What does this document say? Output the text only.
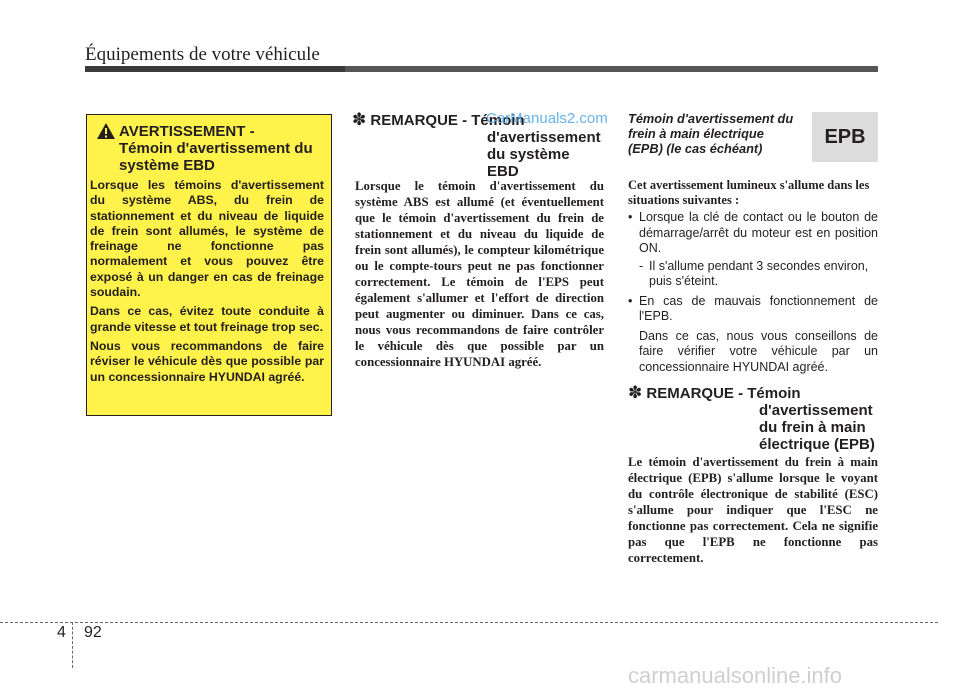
Équipements de votre véhicule
AVERTISSEMENT -
Témoin d'avertissement du
système EBD

Lorsque les témoins d'avertissement du système ABS, du frein de stationnement et du niveau de liquide de frein sont allumés, le système de freinage ne fonctionne pas normalement et vous pouvez être exposé à un danger en cas de freinage soudain.

Dans ce cas, évitez toute conduite à grande vitesse et tout freinage trop sec.

Nous vous recommandons de faire réviser le véhicule dès que possible par un concessionnaire HYUNDAI agréé.

✽ REMARQUE - Témoin
d'avertissement
du système
EBD
CarManuals2.com
Lorsque le témoin d'avertissement du système ABS est allumé (et éventuellement que le témoin d'avertissement du frein de stationnement et du niveau du liquide de frein sont allumés), le compteur kilométrique ou le compte-tours peut ne pas fonctionner correctement. Le témoin de l'EPS peut également s'allumer et l'effort de direction peut augmenter ou diminuer. Dans ce cas, nous vous recommandons de faire contrôler le véhicule dès que possible par un concessionnaire HYUNDAI agréé.
Témoin d'avertissement du
frein à main électrique
(EPB) (le cas échéant)
EPB
Cet avertissement lumineux s'allume dans les situations suivantes :
• Lorsque la clé de contact ou le bouton de démarrage/arrêt du moteur est en position ON.
- Il s'allume pendant 3 secondes environ, puis s'éteint.
• En cas de mauvais fonctionnement de l'EPB.
Dans ce cas, nous vous conseillons de faire vérifier votre véhicule par un concessionnaire HYUNDAI agréé.
✽ REMARQUE - Témoin
d'avertissement
du frein à main
électrique (EPB)
Le témoin d'avertissement du frein à main électrique (EPB) s'allume lorsque le voyant du contrôle électronique de stabilité (ESC) s'allume pour indiquer que l'ESC ne fonctionne pas correctement. Cela ne signifie pas que l'EPB ne fonctionne pas correctement.
4 92
carmanualsonline.info
